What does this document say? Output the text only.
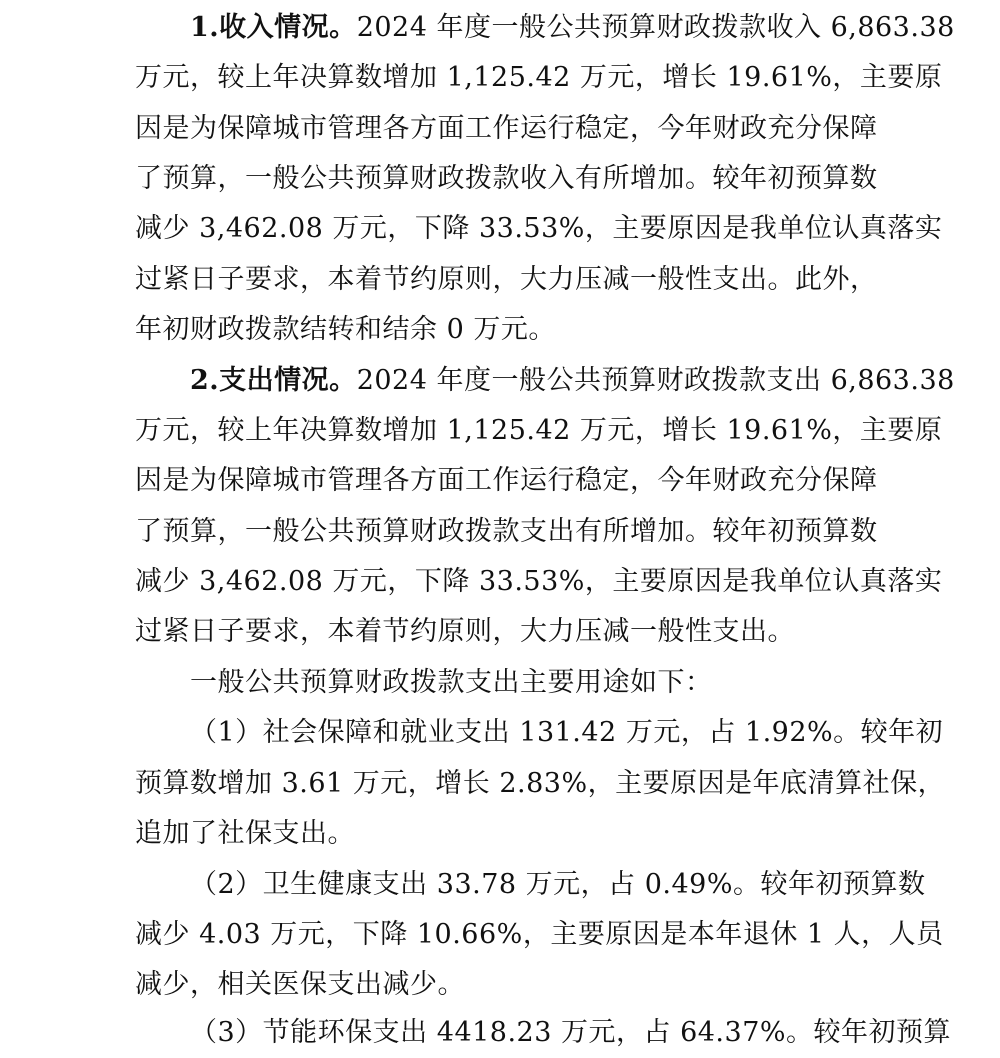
1.收入情况。2024 年度一般公共预算财政拨款收入 6,863.38
万元，较上年决算数增加 1,125.42 万元，增长 19.61%，主要原
因是为保障城市管理各方面工作运行稳定，今年财政充分保障
了预算，一般公共预算财政拨款收入有所增加。较年初预算数
减少 3,462.08 万元，下降 33.53%，主要原因是我单位认真落实
过紧日子要求，本着节约原则，大力压减一般性支出。此外，
年初财政拨款结转和结余 0 万元。
2.支出情况。2024 年度一般公共预算财政拨款支出 6,863.38
万元，较上年决算数增加 1,125.42 万元，增长 19.61%，主要原
因是为保障城市管理各方面工作运行稳定，今年财政充分保障
了预算，一般公共预算财政拨款支出有所增加。较年初预算数
减少 3,462.08 万元，下降 33.53%，主要原因是我单位认真落实
过紧日子要求，本着节约原则，大力压减一般性支出。
一般公共预算财政拨款支出主要用途如下：
（1）社会保障和就业支出 131.42 万元，占 1.92%。较年初
预算数增加 3.61 万元，增长 2.83%，主要原因是年底清算社保，
追加了社保支出。
（2）卫生健康支出 33.78 万元，占 0.49%。较年初预算数
减少 4.03 万元，下降 10.66%，主要原因是本年退休 1 人，人员
减少，相关医保支出减少。
（3）节能环保支出 4418.23 万元，占 64.37%。较年初预算
